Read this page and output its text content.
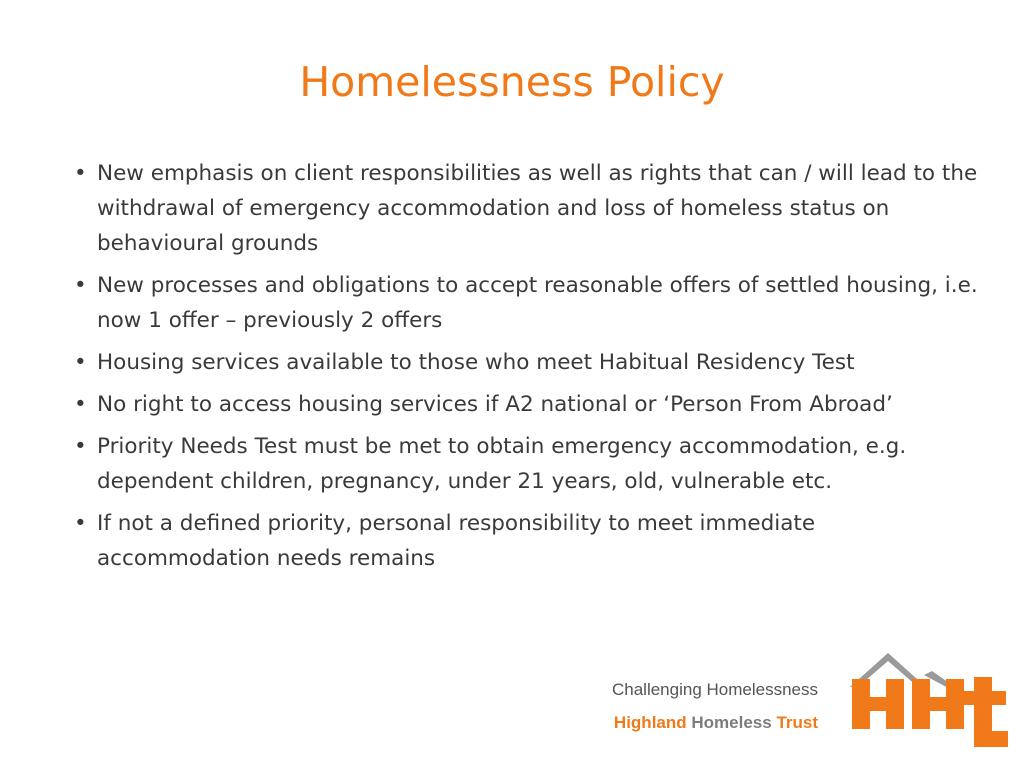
Homelessness Policy
• New emphasis on client responsibilities as well as rights that can / will lead to the withdrawal of emergency accommodation and loss of homeless status on behavioural grounds
• New processes and obligations to accept reasonable offers of settled housing, i.e. now 1 offer – previously 2 offers
• Housing services available to those who meet Habitual Residency Test
• No right to access housing services if A2 national or ‘Person From Abroad’
• Priority Needs Test must be met to obtain emergency accommodation, e.g. dependent children, pregnancy, under 21 years, old, vulnerable etc.
• If not a defined priority, personal responsibility to meet immediate accommodation needs remains
Challenging Homelessness
Highland Homeless Trust
